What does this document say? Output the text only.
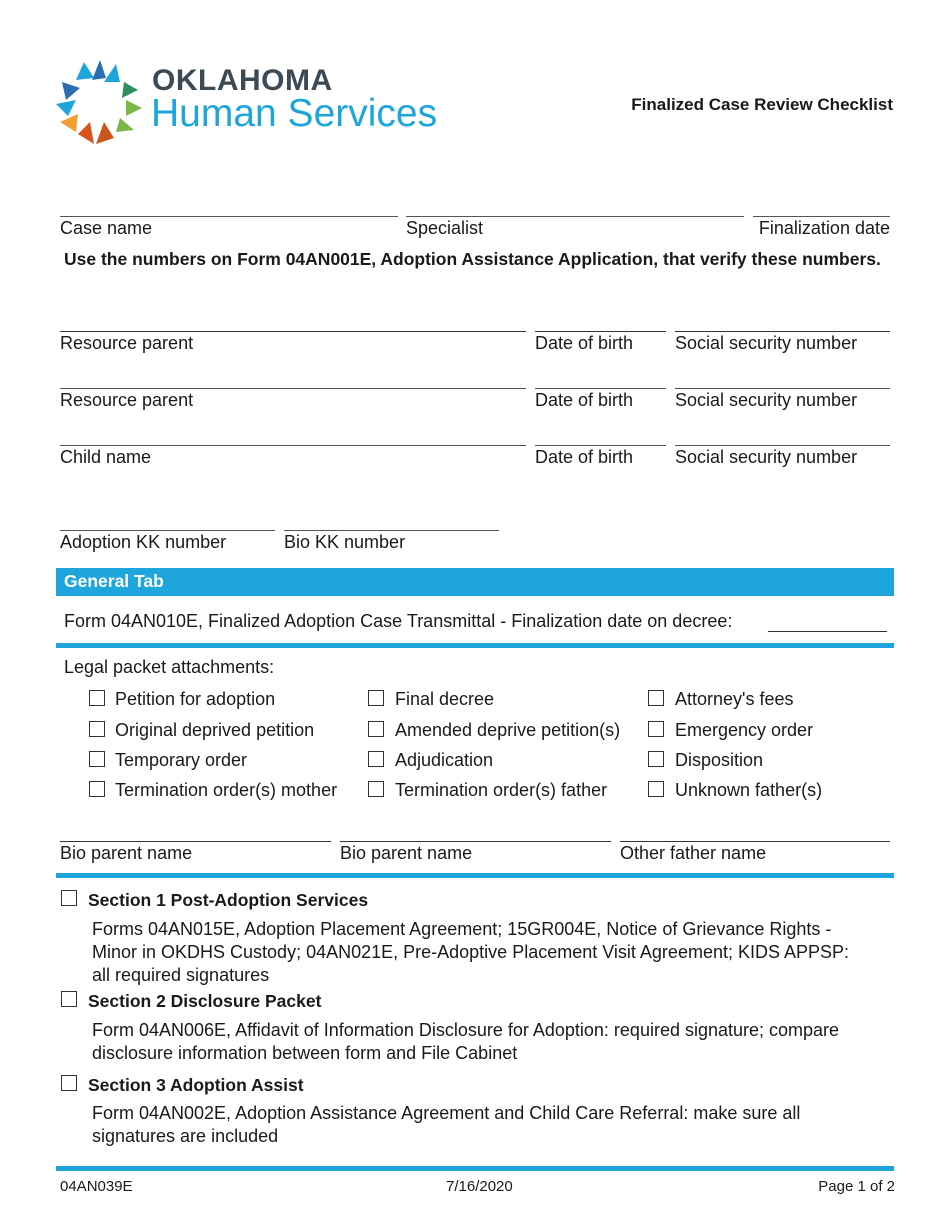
OKLAHOMA
Human Services	Finalized Case Review Checklist
Case name	Specialist	Finalization date
Use the numbers on Form 04AN001E, Adoption Assistance Application, that verify these numbers.
Resource parent	Date of birth	Social security number
Resource parent	Date of birth	Social security number
Child name	Date of birth	Social security number
Adoption KK number	Bio KK number
General Tab
Form 04AN010E, Finalized Adoption Case Transmittal - Finalization date on decree:
Legal packet attachments:
Petition for adoption	Final decree	Attorney's fees
Original deprived petition	Amended deprive petition(s)	Emergency order
Temporary order	Adjudication	Disposition
Termination order(s) mother	Termination order(s) father	Unknown father(s)
Bio parent name	Bio parent name	Other father name
Section 1 Post-Adoption Services
Forms 04AN015E, Adoption Placement Agreement; 15GR004E, Notice of Grievance Rights -
Minor in OKDHS Custody; 04AN021E, Pre-Adoptive Placement Visit Agreement; KIDS APPSP:
all required signatures
Section 2 Disclosure Packet
Form 04AN006E, Affidavit of Information Disclosure for Adoption: required signature; compare
disclosure information between form and File Cabinet
Section 3 Adoption Assist
Form 04AN002E, Adoption Assistance Agreement and Child Care Referral: make sure all
signatures are included
04AN039E	7/16/2020	Page 1 of 2
